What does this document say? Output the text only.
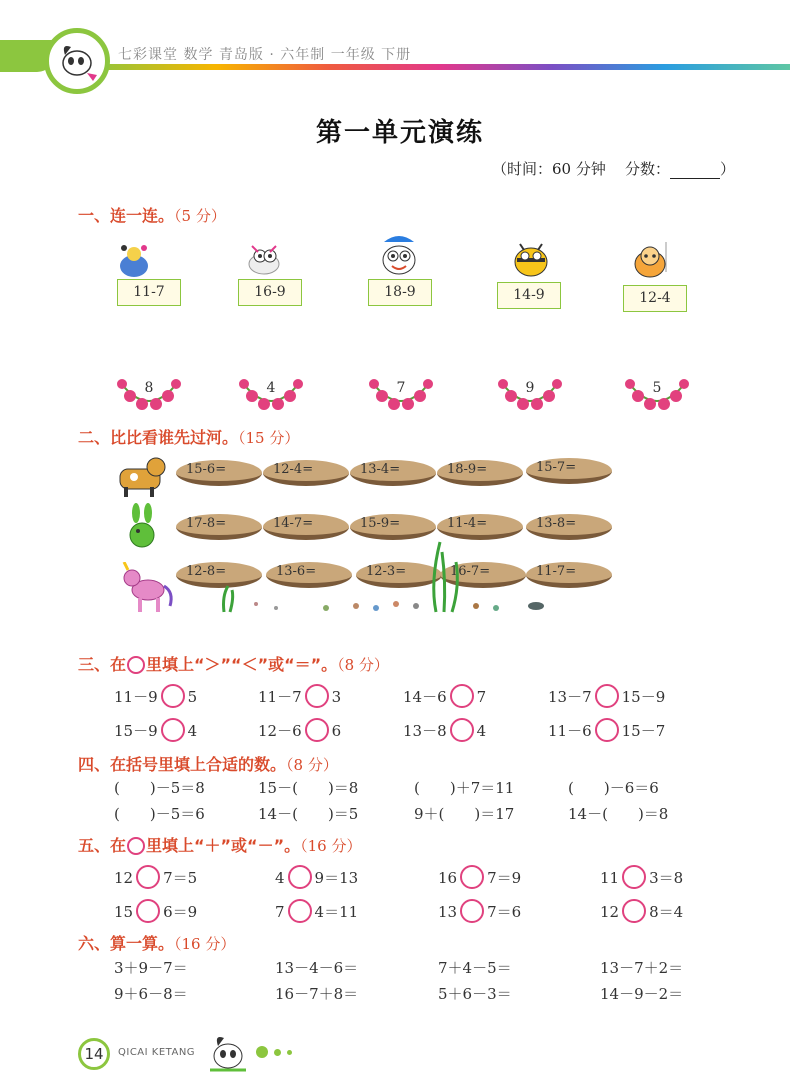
七彩课堂 数学 青岛版 · 六年制 一年级 下册
第一单元演练
（时间：60 分钟 分数：	）
一、连一连。（5 分）
11-7	16-9	18-9	14-9	12-4
8	4	7	9	5
二、比比看谁先过河。（15 分）
15-6=	12-4=	13-4=	18-9=	15-7=
17-8=	14-7=	15-9=	11-4=	13-8=
12-8=	13-6=	12-3=	16-7=	11-7=
三、在 里填上“＞”“＜”或“＝”。（8 分）
11－9 5	11－7 3	14－6 7	13－7 15－9
15－9 4	12－6 6	13－8 4	11－6 15－7
四、在括号里填上合适的数。（8 分）
(　　)－5＝8	15－(　　)＝8	(　　)＋7＝11	(　　)－6＝6
(　　)－5＝6	14－(　　)＝5	9＋(　　)＝17	14－(　　)＝8
五、在 里填上“＋”或“－”。（16 分）
12 7＝5	4 9＝13	16 7＝9	11 3＝8
15 6＝9	7 4＝11	13 7＝6	12 8＝4
六、算一算。（16 分）
3＋9－7＝	13－4－6＝	7＋4－5＝	13－7＋2＝
9＋6－8＝	16－7＋8＝	5＋6－3＝	14－9－2＝
14	QICAI KETANG
